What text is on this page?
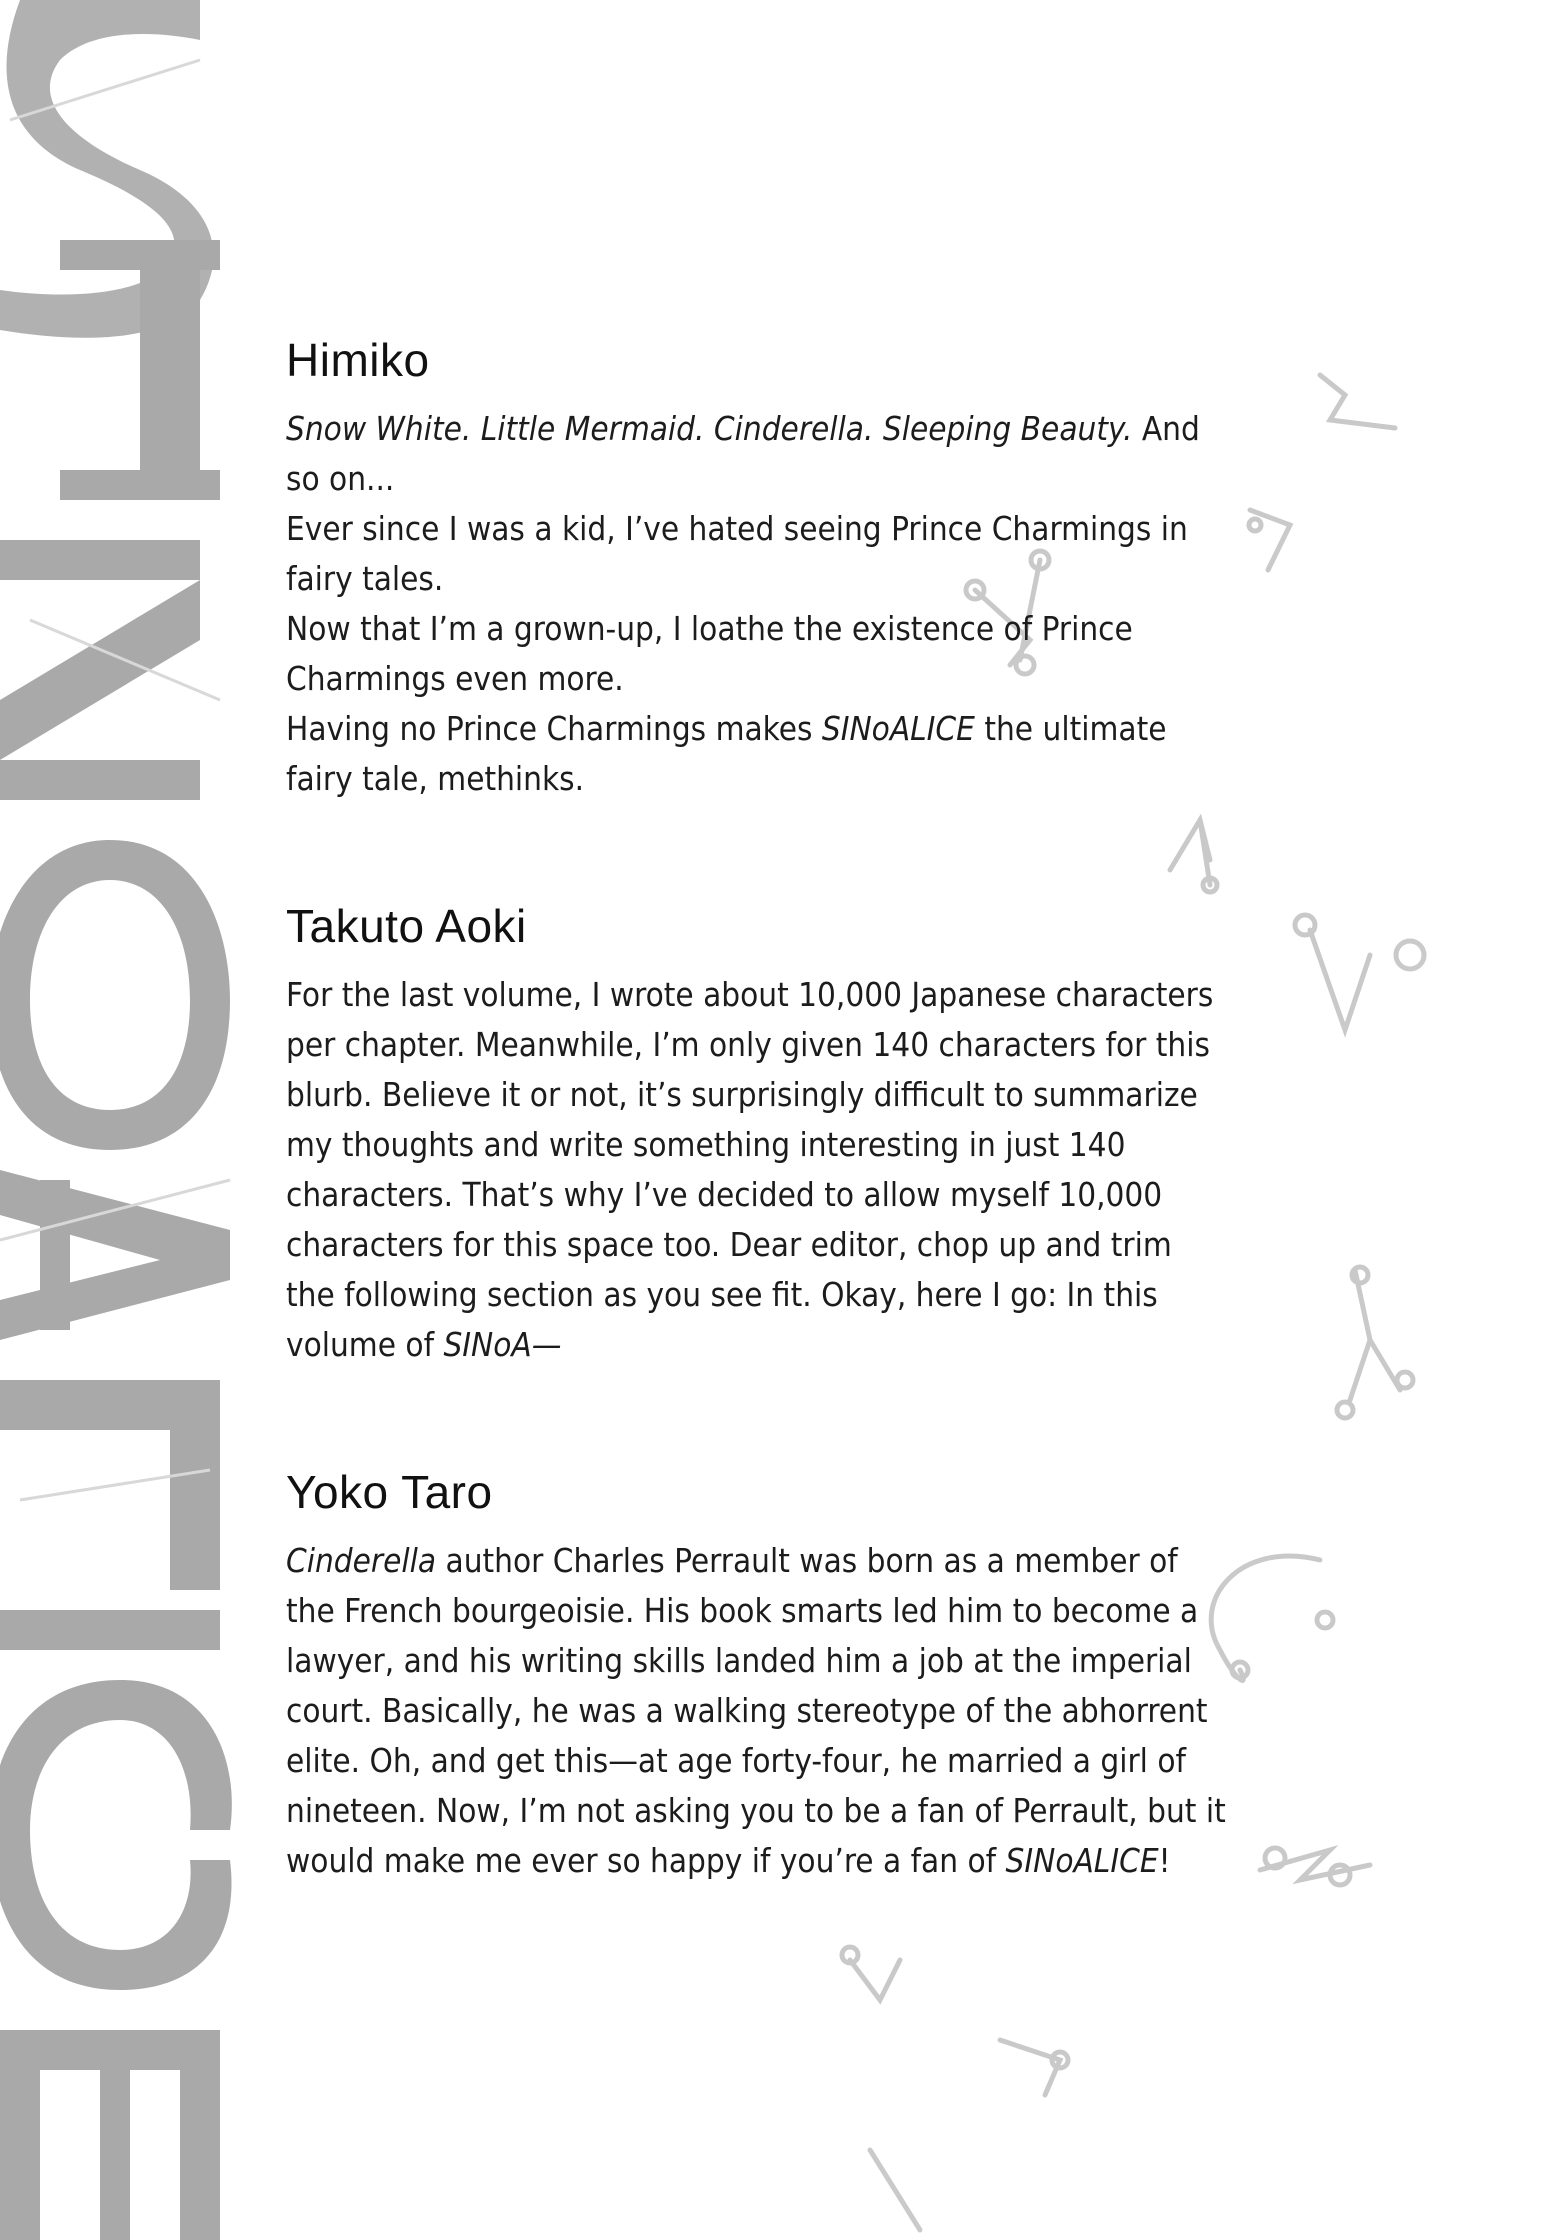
Himiko

Snow White. Little Mermaid. Cinderella. Sleeping Beauty. And so on...
Ever since I was a kid, I’ve hated seeing Prince Charmings in fairy tales.
Now that I’m a grown-up, I loathe the existence of Prince Charmings even more.
Having no Prince Charmings makes SINoALICE the ultimate fairy tale, methinks.

Takuto Aoki

For the last volume, I wrote about 10,000 Japanese characters per chapter. Meanwhile, I’m only given 140 characters for this blurb. Believe it or not, it’s surprisingly difficult to summarize my thoughts and write something interesting in just 140 characters. That’s why I’ve decided to allow myself 10,000 characters for this space too. Dear editor, chop up and trim the following section as you see fit. Okay, here I go: In this volume of SINoA—

Yoko Taro

Cinderella author Charles Perrault was born as a member of the French bourgeoisie. His book smarts led him to become a lawyer, and his writing skills landed him a job at the imperial court. Basically, he was a walking stereotype of the abhorrent elite. Oh, and get this—at age forty-four, he married a girl of nineteen. Now, I’m not asking you to be a fan of Perrault, but it would make me ever so happy if you’re a fan of SINoALICE!
